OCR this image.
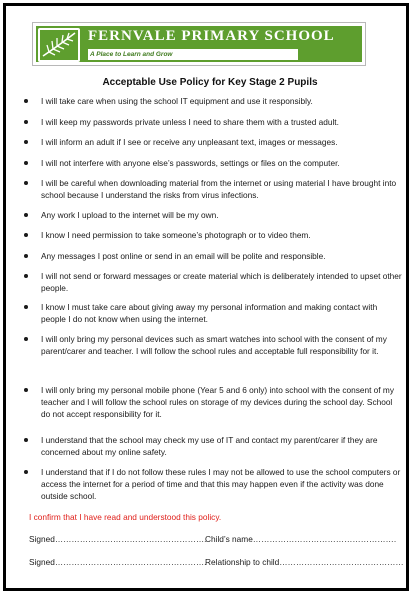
FERNVALE PRIMARY SCHOOL
A Place to Learn and Grow
Acceptable Use Policy for Key Stage 2 Pupils
I will take care when using the school IT equipment and use it responsibly.
I will keep my passwords private unless I need to share them with a trusted adult.
I will inform an adult if I see or receive any unpleasant text, images or messages.
I will not interfere with anyone else’s passwords, settings or files on the computer.
I will be careful when downloading material from the internet or using material I have brought into school because I understand the risks from virus infections.
Any work I upload to the internet will be my own.
I know I need permission to take someone’s photograph or to video them.
Any messages I post online or send in an email will be polite and responsible.
I will not send or forward messages or create material which is deliberately intended to upset other people.
I know I must take care about giving away my personal information and making contact with people I do not know when using the internet.
I will only bring my personal devices such as smart watches into school with the consent of my parent/carer and teacher. I will follow the school rules and acceptable full responsibility for it.
I will only bring my personal mobile phone (Year 5 and 6 only) into school with the consent of my teacher and I will follow the school rules on storage of my devices during the school day. School do not accept responsibility for it.
I understand that the school may check my use of IT and contact my parent/carer if they are concerned about my online safety.
I understand that if I do not follow these rules I may not be allowed to use the school computers or access the internet for a period of time and that this may happen even if the activity was done outside school.
I confirm that I have read and understood this policy.
Signed……………………………………………….
Child’s name…………………………………………….
Signed……………………………………………….
Relationship to child………………………………………
